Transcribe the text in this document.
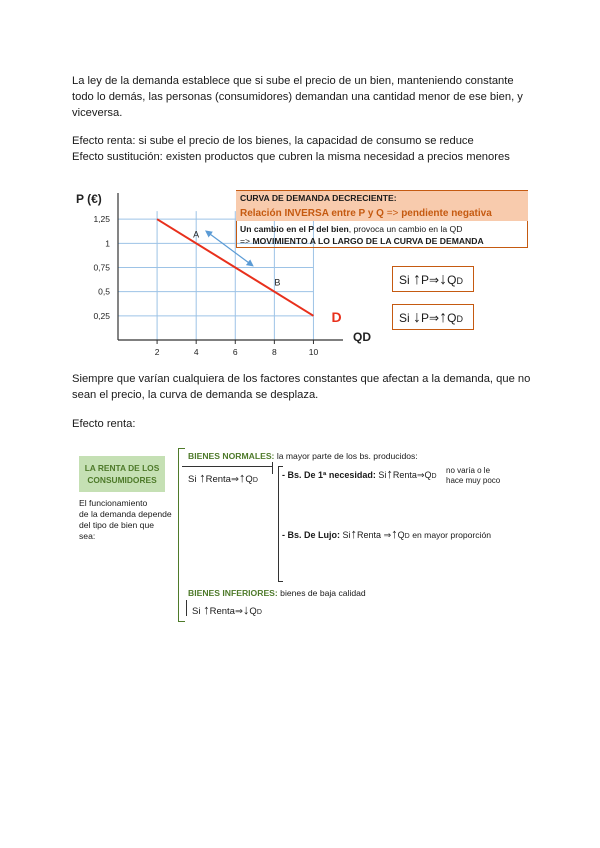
La ley de la demanda establece que si sube el precio de un bien, manteniendo constante
todo lo demás, las personas (consumidores) demandan una cantidad menor de ese bien, y
viceversa.
Efecto renta: si sube el precio de los bienes, la capacidad de consumo se reduce
Efecto sustitución: existen productos que cubren la misma necesidad a precios menores
1,25
1
0,75
0,5
0,25
2	4	6	8	10
P (€)
QD
D
A
B
CURVA DE DEMANDA DECRECIENTE:
Relación INVERSA entre P y Q => pendiente negativa
Un cambio en el P del bien, provoca un cambio en la QD
=> MOVIMIENTO A LO LARGO DE LA CURVA DE DEMANDA
Si ↑P⇒↓QD
Si ↓P⇒↑QD
Siempre que varían cualquiera de los factores constantes que afectan a la demanda, que no
sean el precio, la curva de demanda se desplaza.
Efecto renta:
LA RENTA DE LOS
CONSUMIDORES
El funcionamiento
de la demanda depende
del tipo de bien que
sea:
BIENES NORMALES: la mayor parte de los bs. producidos:
Si ↑Renta⇒↑QD
- Bs. De 1ª necesidad: Si↑Renta⇒QD
no varía o le
hace muy poco
- Bs. De Lujo: Si↑Renta ⇒↑QD en mayor proporción
BIENES INFERIORES: bienes de baja calidad
Si ↑Renta⇒↓QD
